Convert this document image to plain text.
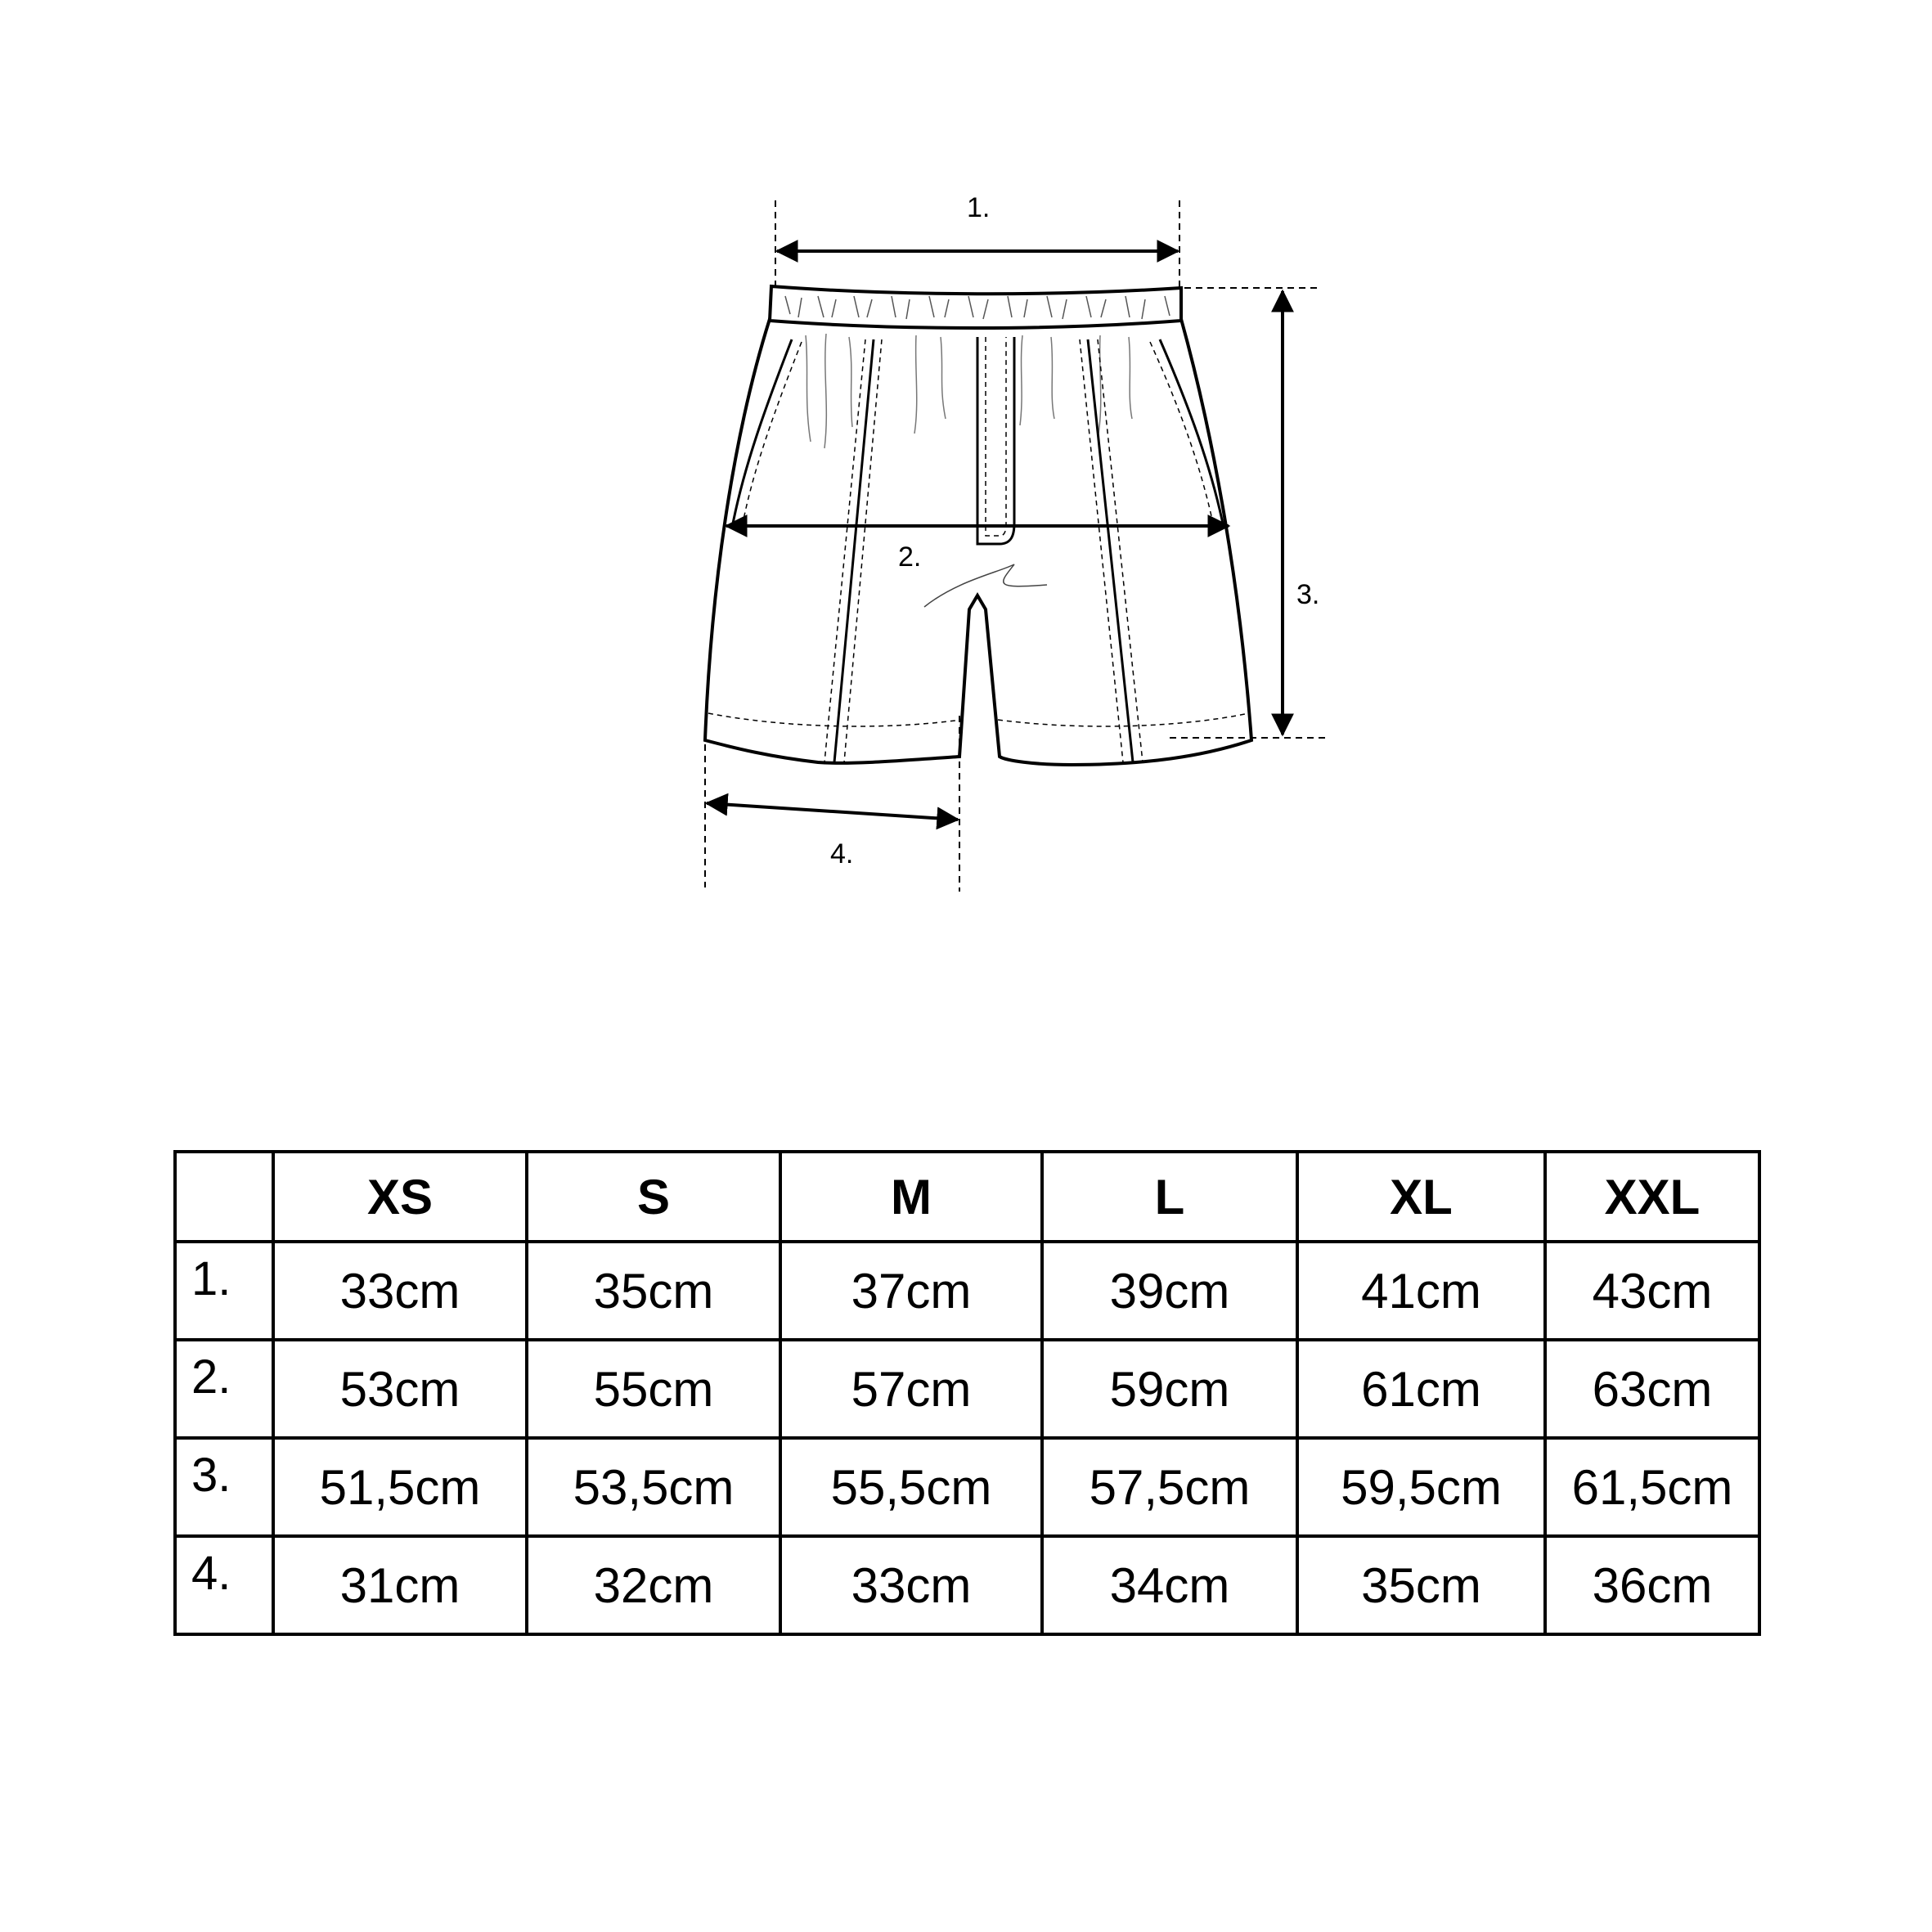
1.
2.
3.
4.
	XS	S	M	L	XL	XXL
1.	33cm	35cm	37cm	39cm	41cm	43cm
2.	53cm	55cm	57cm	59cm	61cm	63cm
3.	51,5cm	53,5cm	55,5cm	57,5cm	59,5cm	61,5cm
4.	31cm	32cm	33cm	34cm	35cm	36cm
